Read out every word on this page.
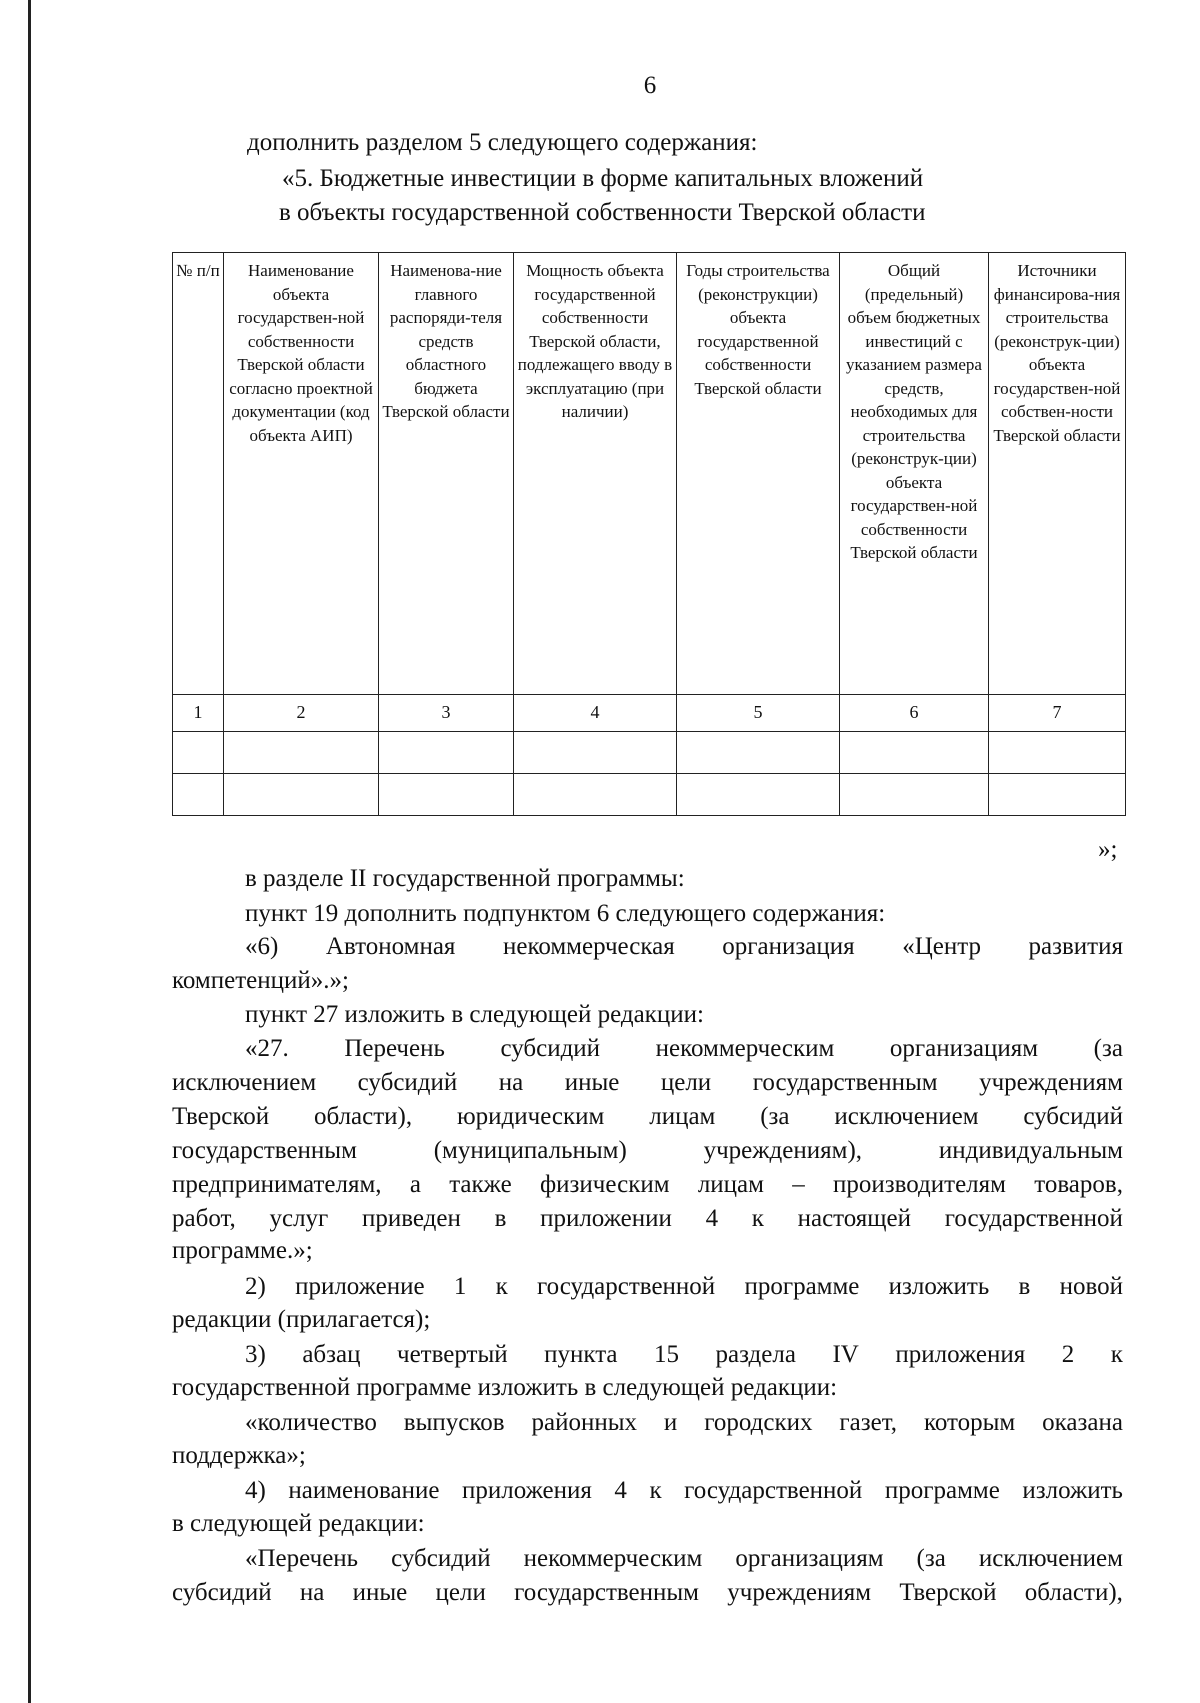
6
дополнить разделом 5 следующего содержания:
«5. Бюджетные инвестиции в форме капитальных вложений
в объекты государственной собственности Тверской области
№ п/п	Наименование объекта государствен-ной собственности Тверской области согласно проектной документации (код объекта АИП)	Наименова-ние главного распоряди-теля средств областного бюджета Тверской области	Мощность объекта государственной собственности Тверской области, подлежащего вводу в эксплуатацию (при наличии)	Годы строительства (реконструкции) объекта государственной собственности Тверской области	Общий (предельный) объем бюджетных инвестиций с указанием размера средств, необходимых для строительства (реконструк-ции) объекта государствен-ной собственности Тверской области	Источники финансирова-ния строительства (реконструк-ции) объекта государствен-ной собствен-ности Тверской области
1	2	3	4	5	6	7

»;
в разделе II государственной программы:
пункт 19 дополнить подпунктом 6 следующего содержания:
«6) Автономная некоммерческая организация «Центр развития
компетенций».»;
пункт 27 изложить в следующей редакции:
«27. Перечень субсидий некоммерческим организациям (за
исключением субсидий на иные цели государственным учреждениям
Тверской области), юридическим лицам (за исключением субсидий
государственным	(муниципальным)	учреждениям),	индивидуальным
предпринимателям, а также физическим лицам – производителям товаров,
работ, услуг приведен в приложении 4 к настоящей государственной
программе.»;
2) приложение 1 к государственной программе изложить в новой
редакции (прилагается);
3) абзац четвертый пункта 15 раздела IV приложения 2 к
государственной программе изложить в следующей редакции:
«количество выпусков районных и городских газет, которым оказана
поддержка»;
4) наименование приложения 4 к государственной программе изложить
в следующей редакции:
«Перечень субсидий некоммерческим организациям (за исключением
субсидий на иные цели государственным учреждениям Тверской области),
